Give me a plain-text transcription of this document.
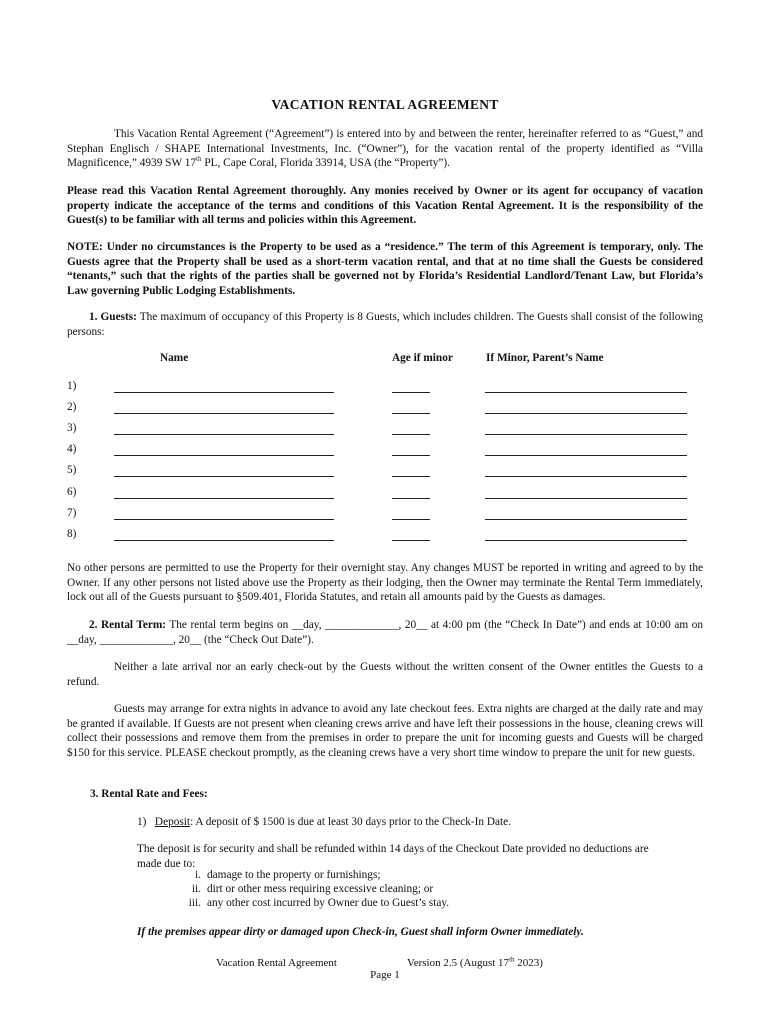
VACATION RENTAL AGREEMENT
This Vacation Rental Agreement (“Agreement”) is entered into by and between the renter, hereinafter referred to as “Guest,” and Stephan Englisch / SHAPE International Investments, Inc. (“Owner”), for the vacation rental of the property identified as “Villa Magnificence,” 4939 SW 17th PL, Cape Coral, Florida 33914, USA (the “Property”).
Please read this Vacation Rental Agreement thoroughly. Any monies received by Owner or its agent for occupancy of vacation property indicate the acceptance of the terms and conditions of this Vacation Rental Agreement. It is the responsibility of the Guest(s) to be familiar with all terms and policies within this Agreement.
NOTE: Under no circumstances is the Property to be used as a “residence.” The term of this Agreement is temporary, only. The Guests agree that the Property shall be used as a short-term vacation rental, and that at no time shall the Guests be considered “tenants,” such that the rights of the parties shall be governed not by Florida’s Residential Landlord/Tenant Law, but Florida’s Law governing Public Lodging Establishments.
1. Guests: The maximum of occupancy of this Property is 8 Guests, which includes children. The Guests shall consist of the following persons:
Name	Age if minor	If Minor, Parent’s Name
1)
2)
3)
4)
5)
6)
7)
8)
No other persons are permitted to use the Property for their overnight stay. Any changes MUST be reported in writing and agreed to by the Owner. If any other persons not listed above use the Property as their lodging, then the Owner may terminate the Rental Term immediately, lock out all of the Guests pursuant to §509.401, Florida Statutes, and retain all amounts paid by the Guests as damages.
2. Rental Term: The rental term begins on __day, _____________, 20__ at 4:00 pm (the “Check In Date”) and ends at 10:00 am on __day, _____________, 20__ (the “Check Out Date”).
Neither a late arrival nor an early check-out by the Guests without the written consent of the Owner entitles the Guests to a refund.
Guests may arrange for extra nights in advance to avoid any late checkout fees. Extra nights are charged at the daily rate and may be granted if available. If Guests are not present when cleaning crews arrive and have left their possessions in the house, cleaning crews will collect their possessions and remove them from the premises in order to prepare the unit for incoming guests and Guests will be charged $150 for this service. PLEASE checkout promptly, as the cleaning crews have a very short time window to prepare the unit for new guests.
3. Rental Rate and Fees:
1) Deposit: A deposit of $ 1500 is due at least 30 days prior to the Check-In Date.
The deposit is for security and shall be refunded within 14 days of the Checkout Date provided no deductions are made due to:
i. damage to the property or furnishings;
ii. dirt or other mess requiring excessive cleaning; or
iii. any other cost incurred by Owner due to Guest’s stay.
If the premises appear dirty or damaged upon Check-in, Guest shall inform Owner immediately.
Vacation Rental Agreement	Version 2.5 (August 17th 2023)
Page 1
